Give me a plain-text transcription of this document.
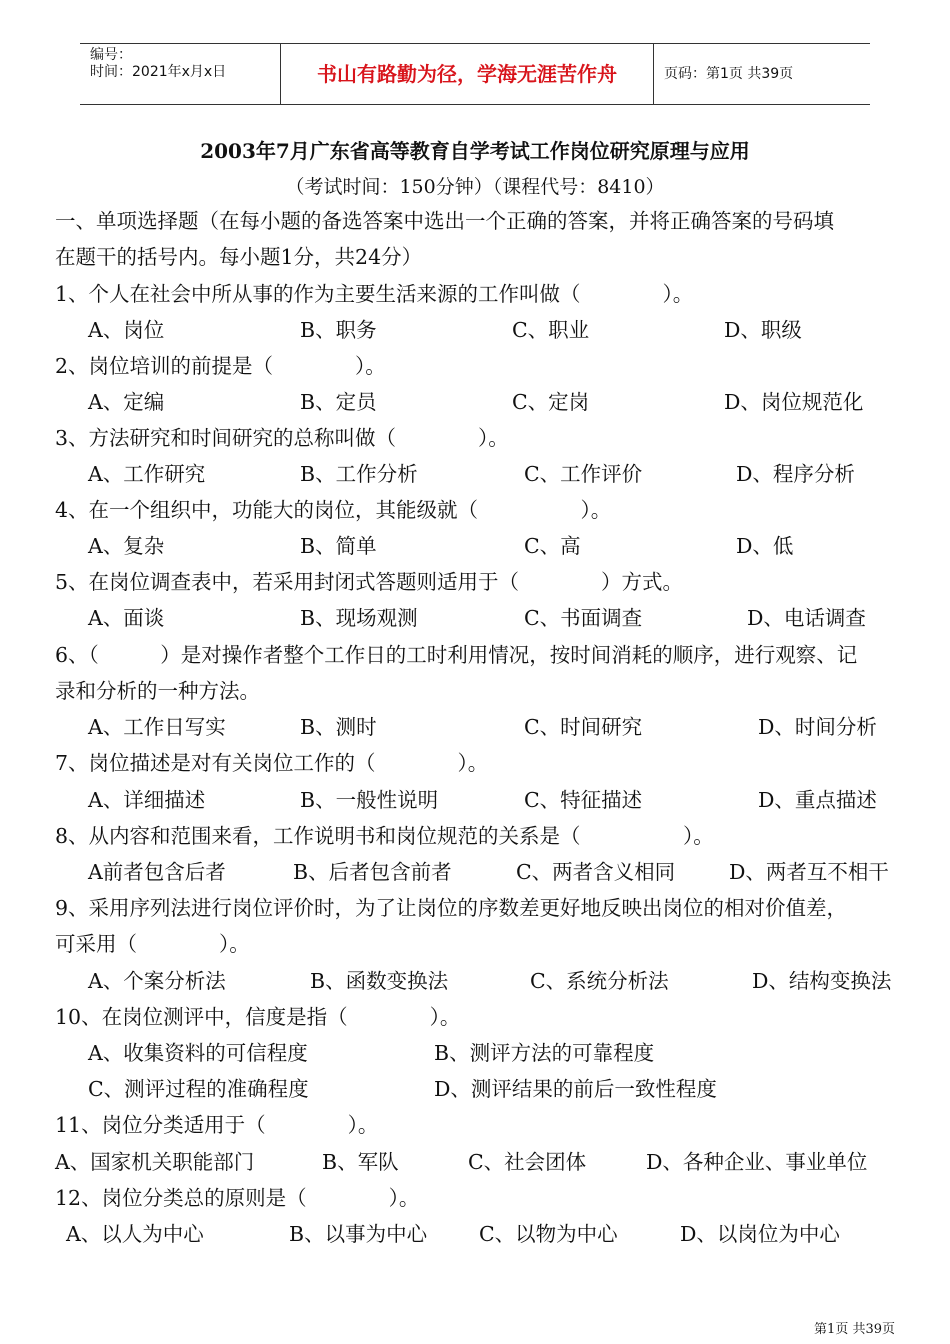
编号：
时间：2021年x月x日	书山有路勤为径，学海无涯苦作舟	页码：第1页 共39页
2003年7月广东省高等教育自学考试工作岗位研究原理与应用
（考试时间：150分钟）（课程代号：8410）
一、单项选择题（在每小题的备选答案中选出一个正确的答案，并将正确答案的号码填
在题干的括号内。每小题1分，共24分）
1、个人在社会中所从事的作为主要生活来源的工作叫做（　　　　）。
A、岗位	B、职务	C、职业	D、职级
2、岗位培训的前提是（　　　　）。
A、定编	B、定员	C、定岗	D、岗位规范化
3、方法研究和时间研究的总称叫做（　　　　）。
A、工作研究	B、工作分析	C、工作评价	D、程序分析
4、在一个组织中，功能大的岗位，其能级就（　　　　　）。
A、复杂	B、简单	C、高	D、低
5、在岗位调查表中，若采用封闭式答题则适用于（　　　　）方式。
A、面谈	B、现场观测	C、书面调查	D、电话调查
6、（　　　）是对操作者整个工作日的工时利用情况，按时间消耗的顺序，进行观察、记
录和分析的一种方法。
A、工作日写实	B、测时	C、时间研究	D、时间分析
7、岗位描述是对有关岗位工作的（　　　　）。
A、详细描述	B、一般性说明	C、特征描述	D、重点描述
8、从内容和范围来看，工作说明书和岗位规范的关系是（　　　　　）。
A前者包含后者	B、后者包含前者	C、两者含义相同	D、两者互不相干
9、采用序列法进行岗位评价时，为了让岗位的序数差更好地反映出岗位的相对价值差，
可采用（　　　　）。
A、个案分析法	B、函数变换法	C、系统分析法	D、结构变换法
10、在岗位测评中，信度是指（　　　　）。
A、收集资料的可信程度	B、测评方法的可靠程度
C、测评过程的准确程度	D、测评结果的前后一致性程度
11、岗位分类适用于（　　　　）。
A、国家机关职能部门	B、军队	C、社会团体	D、各种企业、事业单位
12、岗位分类总的原则是（　　　　）。
A、以人为中心	B、以事为中心	C、以物为中心	D、以岗位为中心
第1页 共39页
